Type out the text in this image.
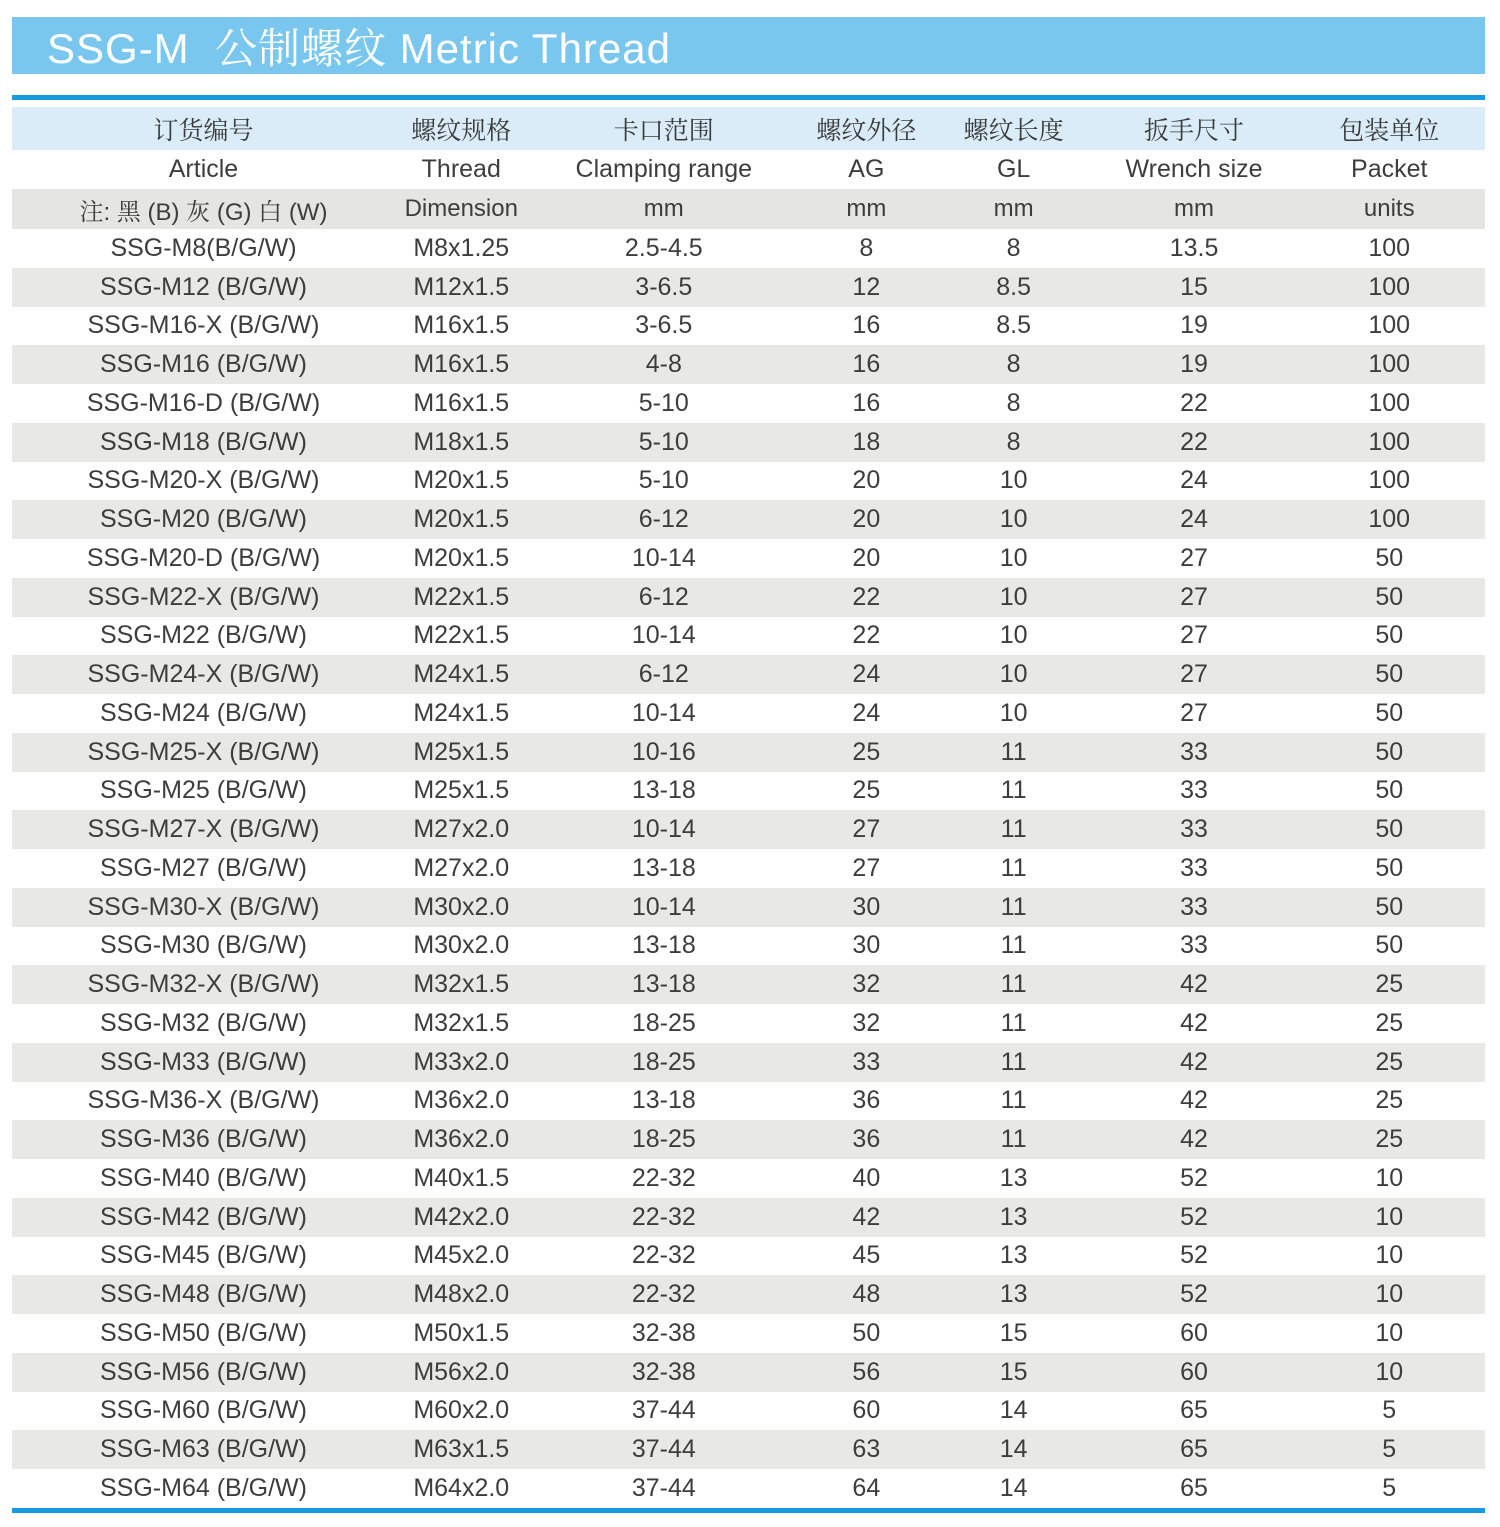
SSG-M  公制螺纹 Metric Thread
订货编号	螺纹规格	卡口范围	螺纹外径	螺纹长度	扳手尺寸	包装单位
Article	Thread	Clamping range	AG	GL	Wrench size	Packet
注: 黑 (B) 灰 (G) 白 (W)	Dimension	mm	mm	mm	mm	units
SSG-M8(B/G/W)	M8x1.25	2.5-4.5	8	8	13.5	100
SSG-M12 (B/G/W)	M12x1.5	3-6.5	12	8.5	15	100
SSG-M16-X (B/G/W)	M16x1.5	3-6.5	16	8.5	19	100
SSG-M16 (B/G/W)	M16x1.5	4-8	16	8	19	100
SSG-M16-D (B/G/W)	M16x1.5	5-10	16	8	22	100
SSG-M18 (B/G/W)	M18x1.5	5-10	18	8	22	100
SSG-M20-X (B/G/W)	M20x1.5	5-10	20	10	24	100
SSG-M20 (B/G/W)	M20x1.5	6-12	20	10	24	100
SSG-M20-D (B/G/W)	M20x1.5	10-14	20	10	27	50
SSG-M22-X (B/G/W)	M22x1.5	6-12	22	10	27	50
SSG-M22 (B/G/W)	M22x1.5	10-14	22	10	27	50
SSG-M24-X (B/G/W)	M24x1.5	6-12	24	10	27	50
SSG-M24 (B/G/W)	M24x1.5	10-14	24	10	27	50
SSG-M25-X (B/G/W)	M25x1.5	10-16	25	11	33	50
SSG-M25 (B/G/W)	M25x1.5	13-18	25	11	33	50
SSG-M27-X (B/G/W)	M27x2.0	10-14	27	11	33	50
SSG-M27 (B/G/W)	M27x2.0	13-18	27	11	33	50
SSG-M30-X (B/G/W)	M30x2.0	10-14	30	11	33	50
SSG-M30 (B/G/W)	M30x2.0	13-18	30	11	33	50
SSG-M32-X (B/G/W)	M32x1.5	13-18	32	11	42	25
SSG-M32 (B/G/W)	M32x1.5	18-25	32	11	42	25
SSG-M33 (B/G/W)	M33x2.0	18-25	33	11	42	25
SSG-M36-X (B/G/W)	M36x2.0	13-18	36	11	42	25
SSG-M36 (B/G/W)	M36x2.0	18-25	36	11	42	25
SSG-M40 (B/G/W)	M40x1.5	22-32	40	13	52	10
SSG-M42 (B/G/W)	M42x2.0	22-32	42	13	52	10
SSG-M45 (B/G/W)	M45x2.0	22-32	45	13	52	10
SSG-M48 (B/G/W)	M48x2.0	22-32	48	13	52	10
SSG-M50 (B/G/W)	M50x1.5	32-38	50	15	60	10
SSG-M56 (B/G/W)	M56x2.0	32-38	56	15	60	10
SSG-M60 (B/G/W)	M60x2.0	37-44	60	14	65	5
SSG-M63 (B/G/W)	M63x1.5	37-44	63	14	65	5
SSG-M64 (B/G/W)	M64x2.0	37-44	64	14	65	5
